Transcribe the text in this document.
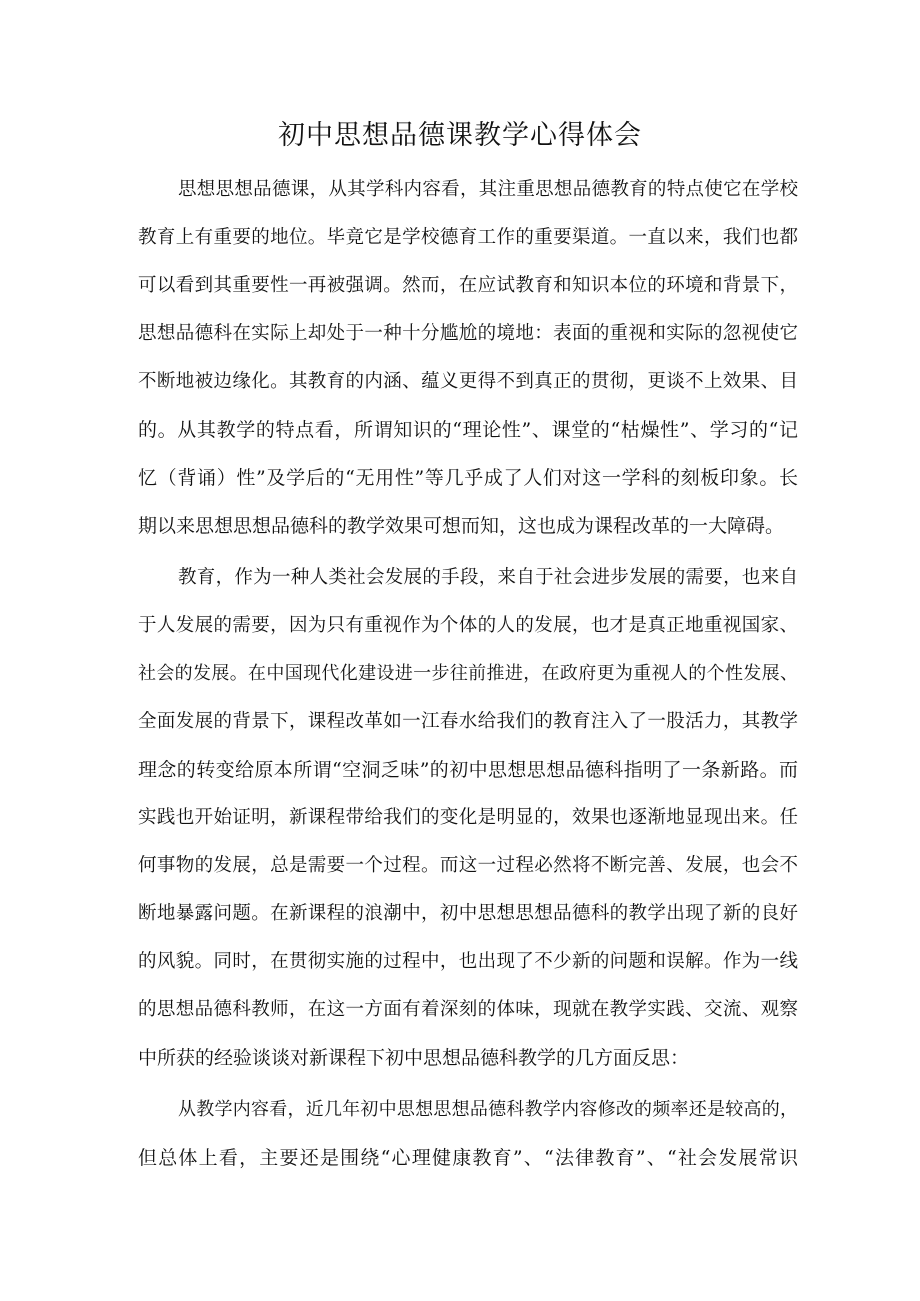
初中思想品德课教学心得体会
思想思想品德课，从其学科内容看，其注重思想品德教育的特点使它在学校
教育上有重要的地位。毕竟它是学校德育工作的重要渠道。一直以来，我们也都
可以看到其重要性一再被强调。然而，在应试教育和知识本位的环境和背景下，
思想品德科在实际上却处于一种十分尴尬的境地：表面的重视和实际的忽视使它
不断地被边缘化。其教育的内涵、蕴义更得不到真正的贯彻，更谈不上效果、目
的。从其教学的特点看，所谓知识的“理论性”、课堂的“枯燥性”、学习的“记
忆（背诵）性”及学后的“无用性”等几乎成了人们对这一学科的刻板印象。长
期以来思想思想品德科的教学效果可想而知，这也成为课程改革的一大障碍。
教育，作为一种人类社会发展的手段，来自于社会进步发展的需要，也来自
于人发展的需要，因为只有重视作为个体的人的发展，也才是真正地重视国家、
社会的发展。在中国现代化建设进一步往前推进，在政府更为重视人的个性发展、
全面发展的背景下，课程改革如一江春水给我们的教育注入了一股活力，其教学
理念的转变给原本所谓“空洞乏味”的初中思想思想品德科指明了一条新路。而
实践也开始证明，新课程带给我们的变化是明显的，效果也逐渐地显现出来。任
何事物的发展，总是需要一个过程。而这一过程必然将不断完善、发展，也会不
断地暴露问题。在新课程的浪潮中，初中思想思想品德科的教学出现了新的良好
的风貌。同时，在贯彻实施的过程中，也出现了不少新的问题和误解。作为一线
的思想品德科教师，在这一方面有着深刻的体味，现就在教学实践、交流、观察
中所获的经验谈谈对新课程下初中思想品德科教学的几方面反思：
从教学内容看，近几年初中思想思想品德科教学内容修改的频率还是较高的，
但总体上看，主要还是围绕“心理健康教育”、“法律教育”、“社会发展常识
